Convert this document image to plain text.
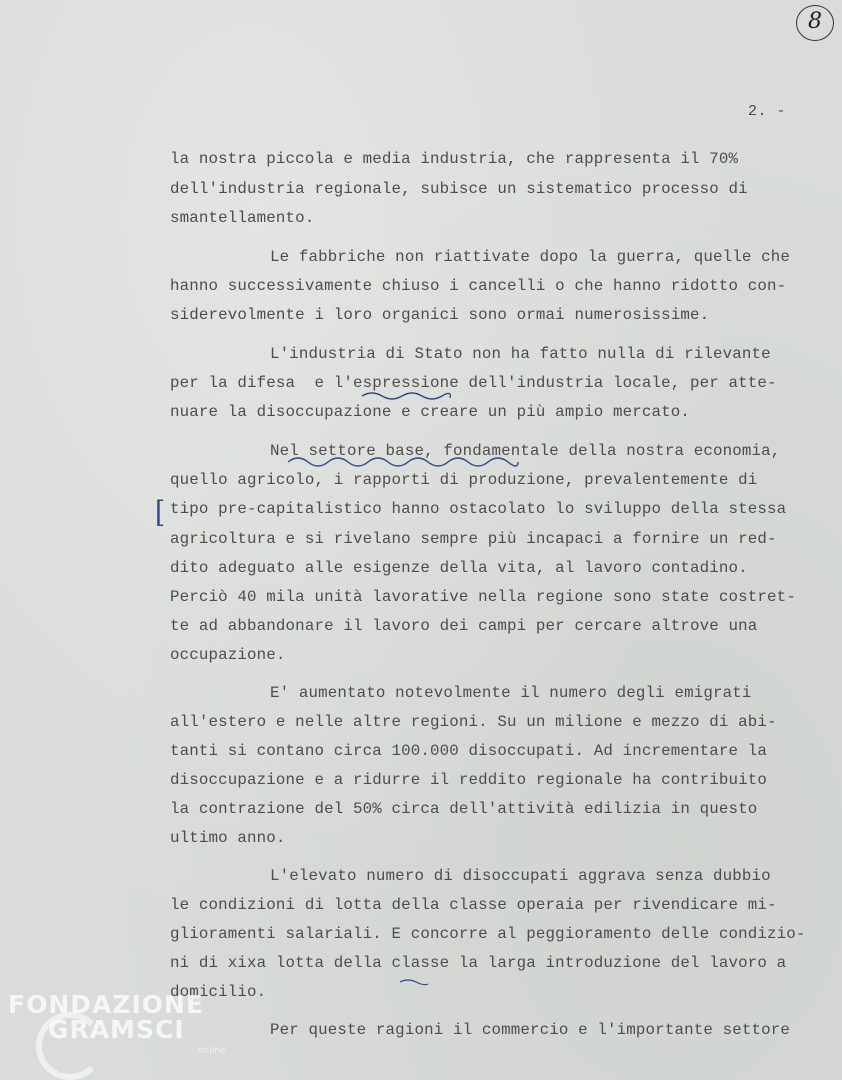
8
2. -
la nostra piccola e media industria, che rappresenta il 70%
dell'industria regionale, subisce un sistematico processo di
smantellamento.
Le fabbriche non riattivate dopo la guerra, quelle che
hanno successivamente chiuso i cancelli o che hanno ridotto con-
siderevolmente i loro organici sono ormai numerosissime.
L'industria di Stato non ha fatto nulla di rilevante
per la difesa  e l'espressione dell'industria locale, per atte-
nuare la disoccupazione e creare un più ampio mercato.
Nel settore base, fondamentale della nostra economia,
quello agricolo, i rapporti di produzione, prevalentemente di
tipo pre-capitalistico hanno ostacolato lo sviluppo della stessa
agricoltura e si rivelano sempre più incapaci a fornire un red-
dito adeguato alle esigenze della vita, al lavoro contadino.
Perciò 40 mila unità lavorative nella regione sono state costret-
te ad abbandonare il lavoro dei campi per cercare altrove una
occupazione.
E' aumentato notevolmente il numero degli emigrati
all'estero e nelle altre regioni. Su un milione e mezzo di abi-
tanti si contano circa 100.000 disoccupati. Ad incrementare la
disoccupazione e a ridurre il reddito regionale ha contribuito
la contrazione del 50% circa dell'attività edilizia in questo
ultimo anno.
L'elevato numero di disoccupati aggrava senza dubbio
le condizioni di lotta della classe operaia per rivendicare mi-
glioramenti salariali. E concorre al peggioramento delle condizio-
ni di xixa lotta della classe la larga introduzione del lavoro a
domicilio.
Per queste ragioni il commercio e l'importante settore
[
FONDAZIONE
GRAMSCI
online
